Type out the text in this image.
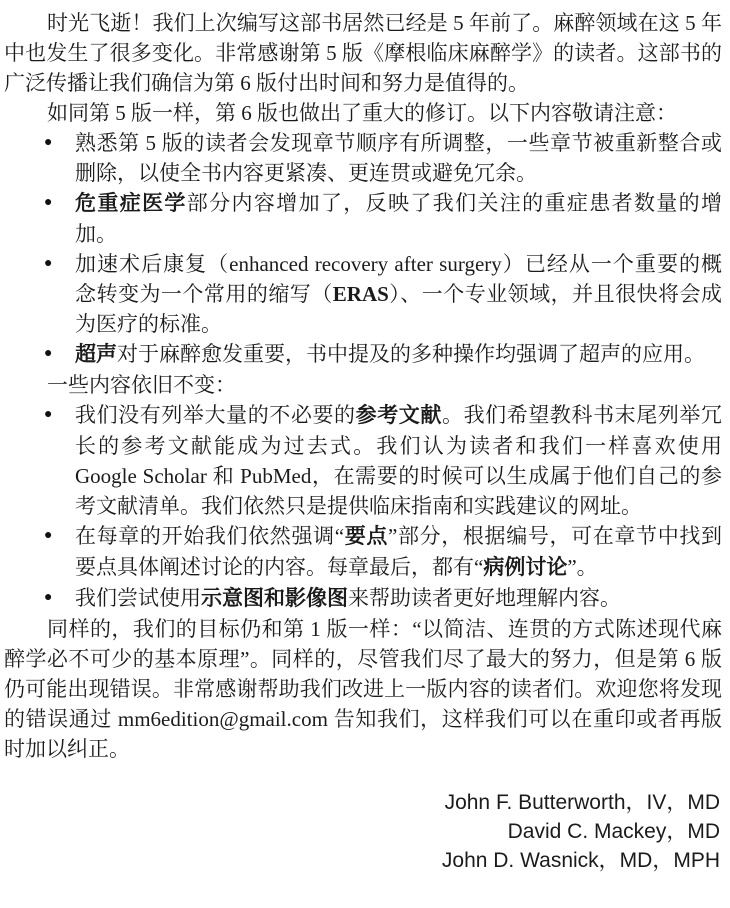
时光飞逝！我们上次编写这部书居然已经是 5 年前了。麻醉领域在这 5 年中也发生了很多变化。非常感谢第 5 版《摩根临床麻醉学》的读者。这部书的广泛传播让我们确信为第 6 版付出时间和努力是值得的。

如同第 5 版一样，第 6 版也做出了重大的修订。以下内容敬请注意：

●	熟悉第 5 版的读者会发现章节顺序有所调整，一些章节被重新整合或删除，以使全书内容更紧凑、更连贯或避免冗余。
●	危重症医学部分内容增加了，反映了我们关注的重症患者数量的增加。
●	加速术后康复（enhanced recovery after surgery）已经从一个重要的概念转变为一个常用的缩写（ERAS）、一个专业领域，并且很快将会成为医疗的标准。
●	超声对于麻醉愈发重要，书中提及的多种操作均强调了超声的应用。

一些内容依旧不变：

●	我们没有列举大量的不必要的参考文献。我们希望教科书末尾列举冗长的参考文献能成为过去式。我们认为读者和我们一样喜欢使用 Google Scholar 和 PubMed，在需要的时候可以生成属于他们自己的参考文献清单。我们依然只是提供临床指南和实践建议的网址。
●	在每章的开始我们依然强调“要点”部分，根据编号，可在章节中找到要点具体阐述讨论的内容。每章最后，都有“病例讨论”。
●	我们尝试使用示意图和影像图来帮助读者更好地理解内容。

同样的，我们的目标仍和第 1 版一样：“以简洁、连贯的方式陈述现代麻醉学必不可少的基本原理”。同样的，尽管我们尽了最大的努力，但是第 6 版仍可能出现错误。非常感谢帮助我们改进上一版内容的读者们。欢迎您将发现的错误通过 mm6edition@gmail.com 告知我们，这样我们可以在重印或者再版时加以纠正。

John F. Butterworth，IV，MD
David C. Mackey，MD
John D. Wasnick，MD，MPH
